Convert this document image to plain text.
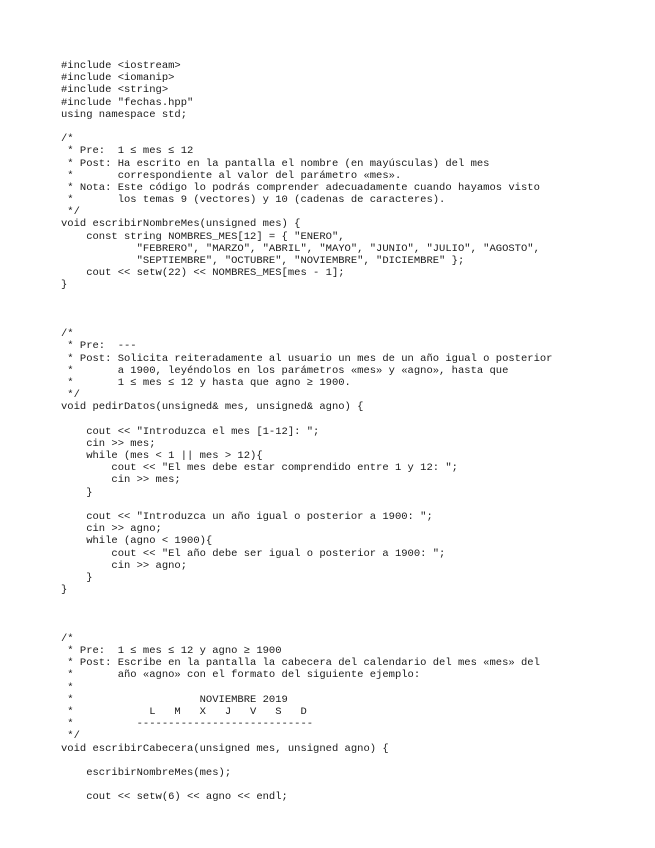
#include <iostream>
#include <iomanip>
#include <string>
#include "fechas.hpp"
using namespace std;
/*
* Pre:  1 ≤ mes ≤ 12
* Post: Ha escrito en la pantalla el nombre (en mayúsculas) del mes
*       correspondiente al valor del parámetro «mes».
* Nota: Este código lo podrás comprender adecuadamente cuando hayamos visto
*       los temas 9 (vectores) y 10 (cadenas de caracteres).
*/
void escribirNombreMes(unsigned mes) {
const string NOMBRES_MES[12] = { "ENERO",
"FEBRERO", "MARZO", "ABRIL", "MAYO", "JUNIO", "JULIO", "AGOSTO",
"SEPTIEMBRE", "OCTUBRE", "NOVIEMBRE", "DICIEMBRE" };
cout << setw(22) << NOMBRES_MES[mes - 1];
}
/*
* Pre:  ---
* Post: Solicita reiteradamente al usuario un mes de un año igual o posterior
*       a 1900, leyéndolos en los parámetros «mes» y «agno», hasta que
*       1 ≤ mes ≤ 12 y hasta que agno ≥ 1900.
*/
void pedirDatos(unsigned& mes, unsigned& agno) {
cout << "Introduzca el mes [1-12]: ";
cin >> mes;
while (mes < 1 || mes > 12){
cout << "El mes debe estar comprendido entre 1 y 12: ";
cin >> mes;
}
cout << "Introduzca un año igual o posterior a 1900: ";
cin >> agno;
while (agno < 1900){
cout << "El año debe ser igual o posterior a 1900: ";
cin >> agno;
}
}
/*
* Pre:  1 ≤ mes ≤ 12 y agno ≥ 1900
* Post: Escribe en la pantalla la cabecera del calendario del mes «mes» del
*       año «agno» con el formato del siguiente ejemplo:
*
*                    NOVIEMBRE 2019
*            L   M   X   J   V   S   D
*          ----------------------------
*/
void escribirCabecera(unsigned mes, unsigned agno) {
escribirNombreMes(mes);
cout << setw(6) << agno << endl;
